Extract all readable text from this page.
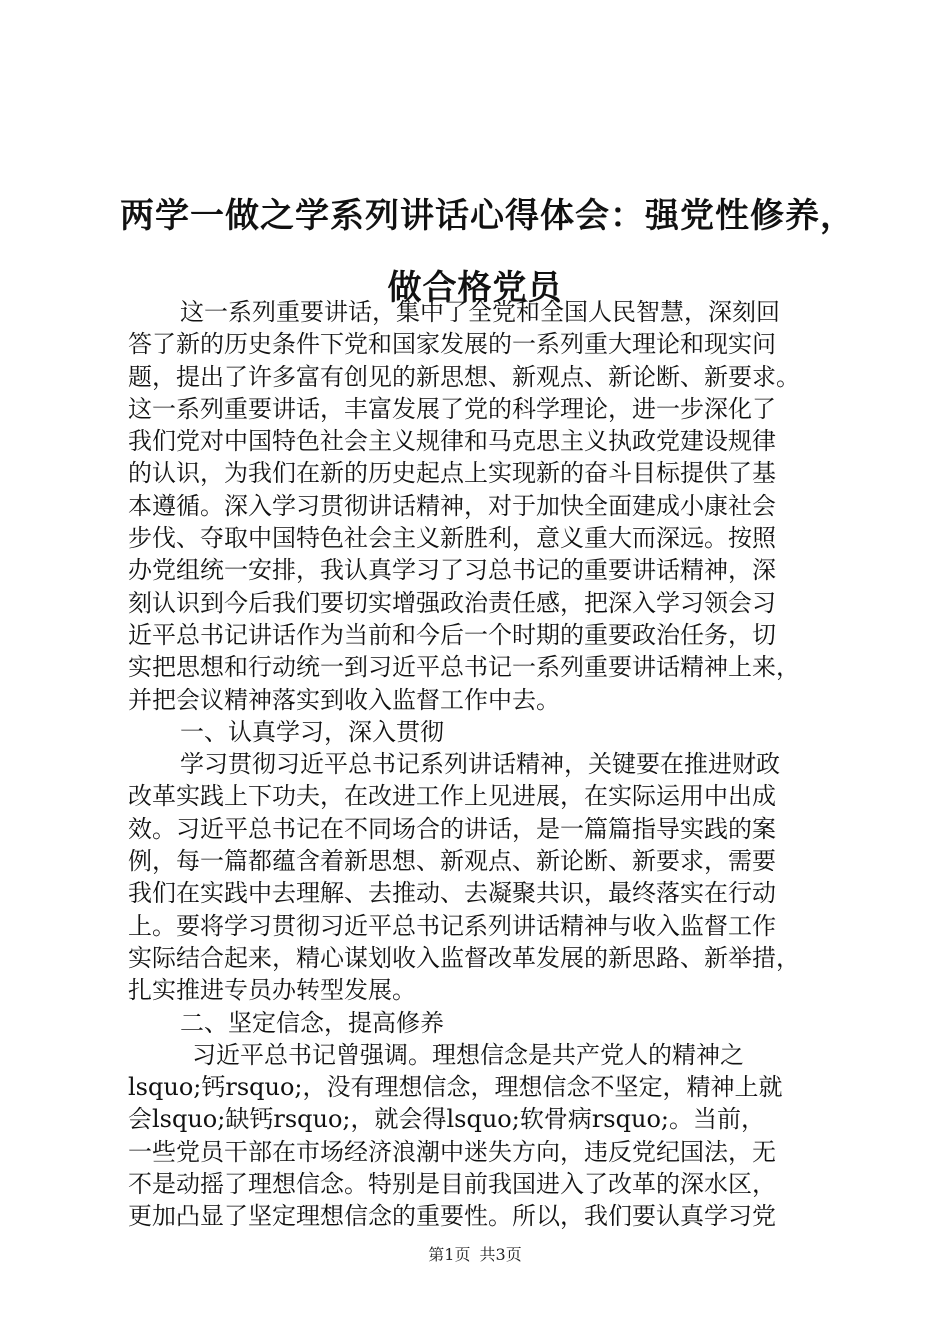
两学一做之学系列讲话心得体会：强党性修养，
做合格党员
这一系列重要讲话，集中了全党和全国人民智慧，深刻回
答了新的历史条件下党和国家发展的一系列重大理论和现实问
题，提出了许多富有创见的新思想、新观点、新论断、新要求。
这一系列重要讲话，丰富发展了党的科学理论，进一步深化了
我们党对中国特色社会主义规律和马克思主义执政党建设规律
的认识，为我们在新的历史起点上实现新的奋斗目标提供了基
本遵循。深入学习贯彻讲话精神，对于加快全面建成小康社会
步伐、夺取中国特色社会主义新胜利，意义重大而深远。按照
办党组统一安排，我认真学习了习总书记的重要讲话精神，深
刻认识到今后我们要切实增强政治责任感，把深入学习领会习
近平总书记讲话作为当前和今后一个时期的重要政治任务，切
实把思想和行动统一到习近平总书记一系列重要讲话精神上来，
并把会议精神落实到收入监督工作中去。
一、认真学习，深入贯彻
学习贯彻习近平总书记系列讲话精神，关键要在推进财政
改革实践上下功夫，在改进工作上见进展，在实际运用中出成
效。习近平总书记在不同场合的讲话，是一篇篇指导实践的案
例，每一篇都蕴含着新思想、新观点、新论断、新要求，需要
我们在实践中去理解、去推动、去凝聚共识，最终落实在行动
上。要将学习贯彻习近平总书记系列讲话精神与收入监督工作
实际结合起来，精心谋划收入监督改革发展的新思路、新举措，
扎实推进专员办转型发展。
二、坚定信念，提高修养
习近平总书记曾强调。理想信念是共产党人的精神之
lsquo;钙rsquo;，没有理想信念，理想信念不坚定，精神上就
会lsquo;缺钙rsquo;，就会得lsquo;软骨病rsquo;。当前，
一些党员干部在市场经济浪潮中迷失方向，违反党纪国法，无
不是动摇了理想信念。特别是目前我国进入了改革的深水区，
更加凸显了坚定理想信念的重要性。所以，我们要认真学习党
第1页 共3页
